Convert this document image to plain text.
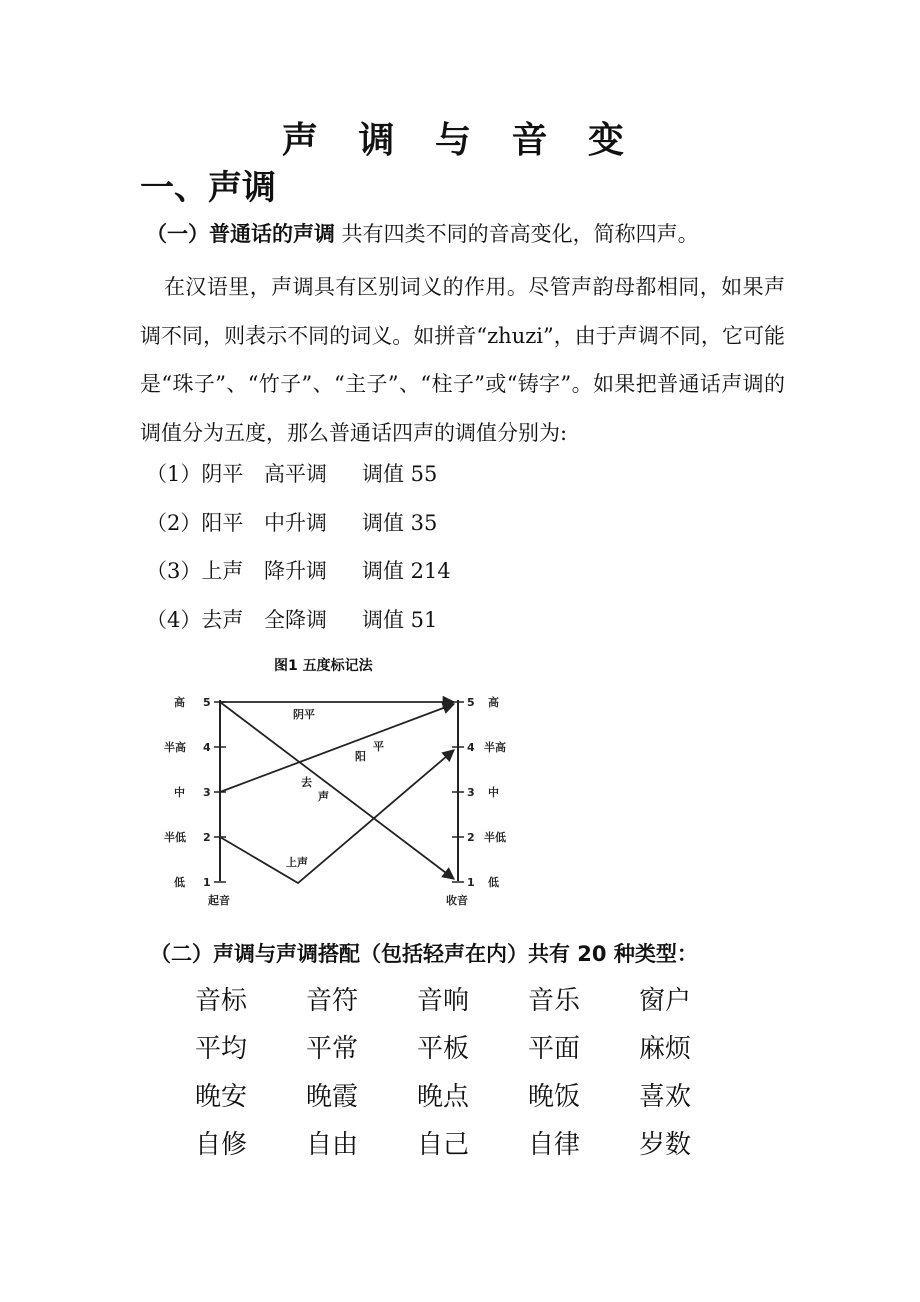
声 调 与 音 变
一、声调
（一）普通话的声调 共有四类不同的音高变化，简称四声。
在汉语里，声调具有区别词义的作用。尽管声韵母都相同，如果声调不同，则表示不同的词义。如拼音“zhuzi”，由于声调不同，它可能是“珠子”、“竹子”、“主子”、“柱子”或“铸字”。如果把普通话声调的调值分为五度，那么普通话四声的调值分别为:
（1）阴平 高平调 调值 55
（2）阳平 中升调 调值 35
（3）上声 降升调 调值 214
（4）去声 全降调 调值 51
图1 五度标记法
高
半高
中
半低
低
5
4
3
2
1
5
4
3
2
1
高
半高
中
半低
低
起音	收音
阴平
阳
平
去
声
上声
（二）声调与声调搭配（包括轻声在内）共有 20 种类型：
音标 音符 音响 音乐 窗户
平均 平常 平板 平面 麻烦
晚安 晚霞 晚点 晚饭 喜欢
自修 自由 自己 自律 岁数
